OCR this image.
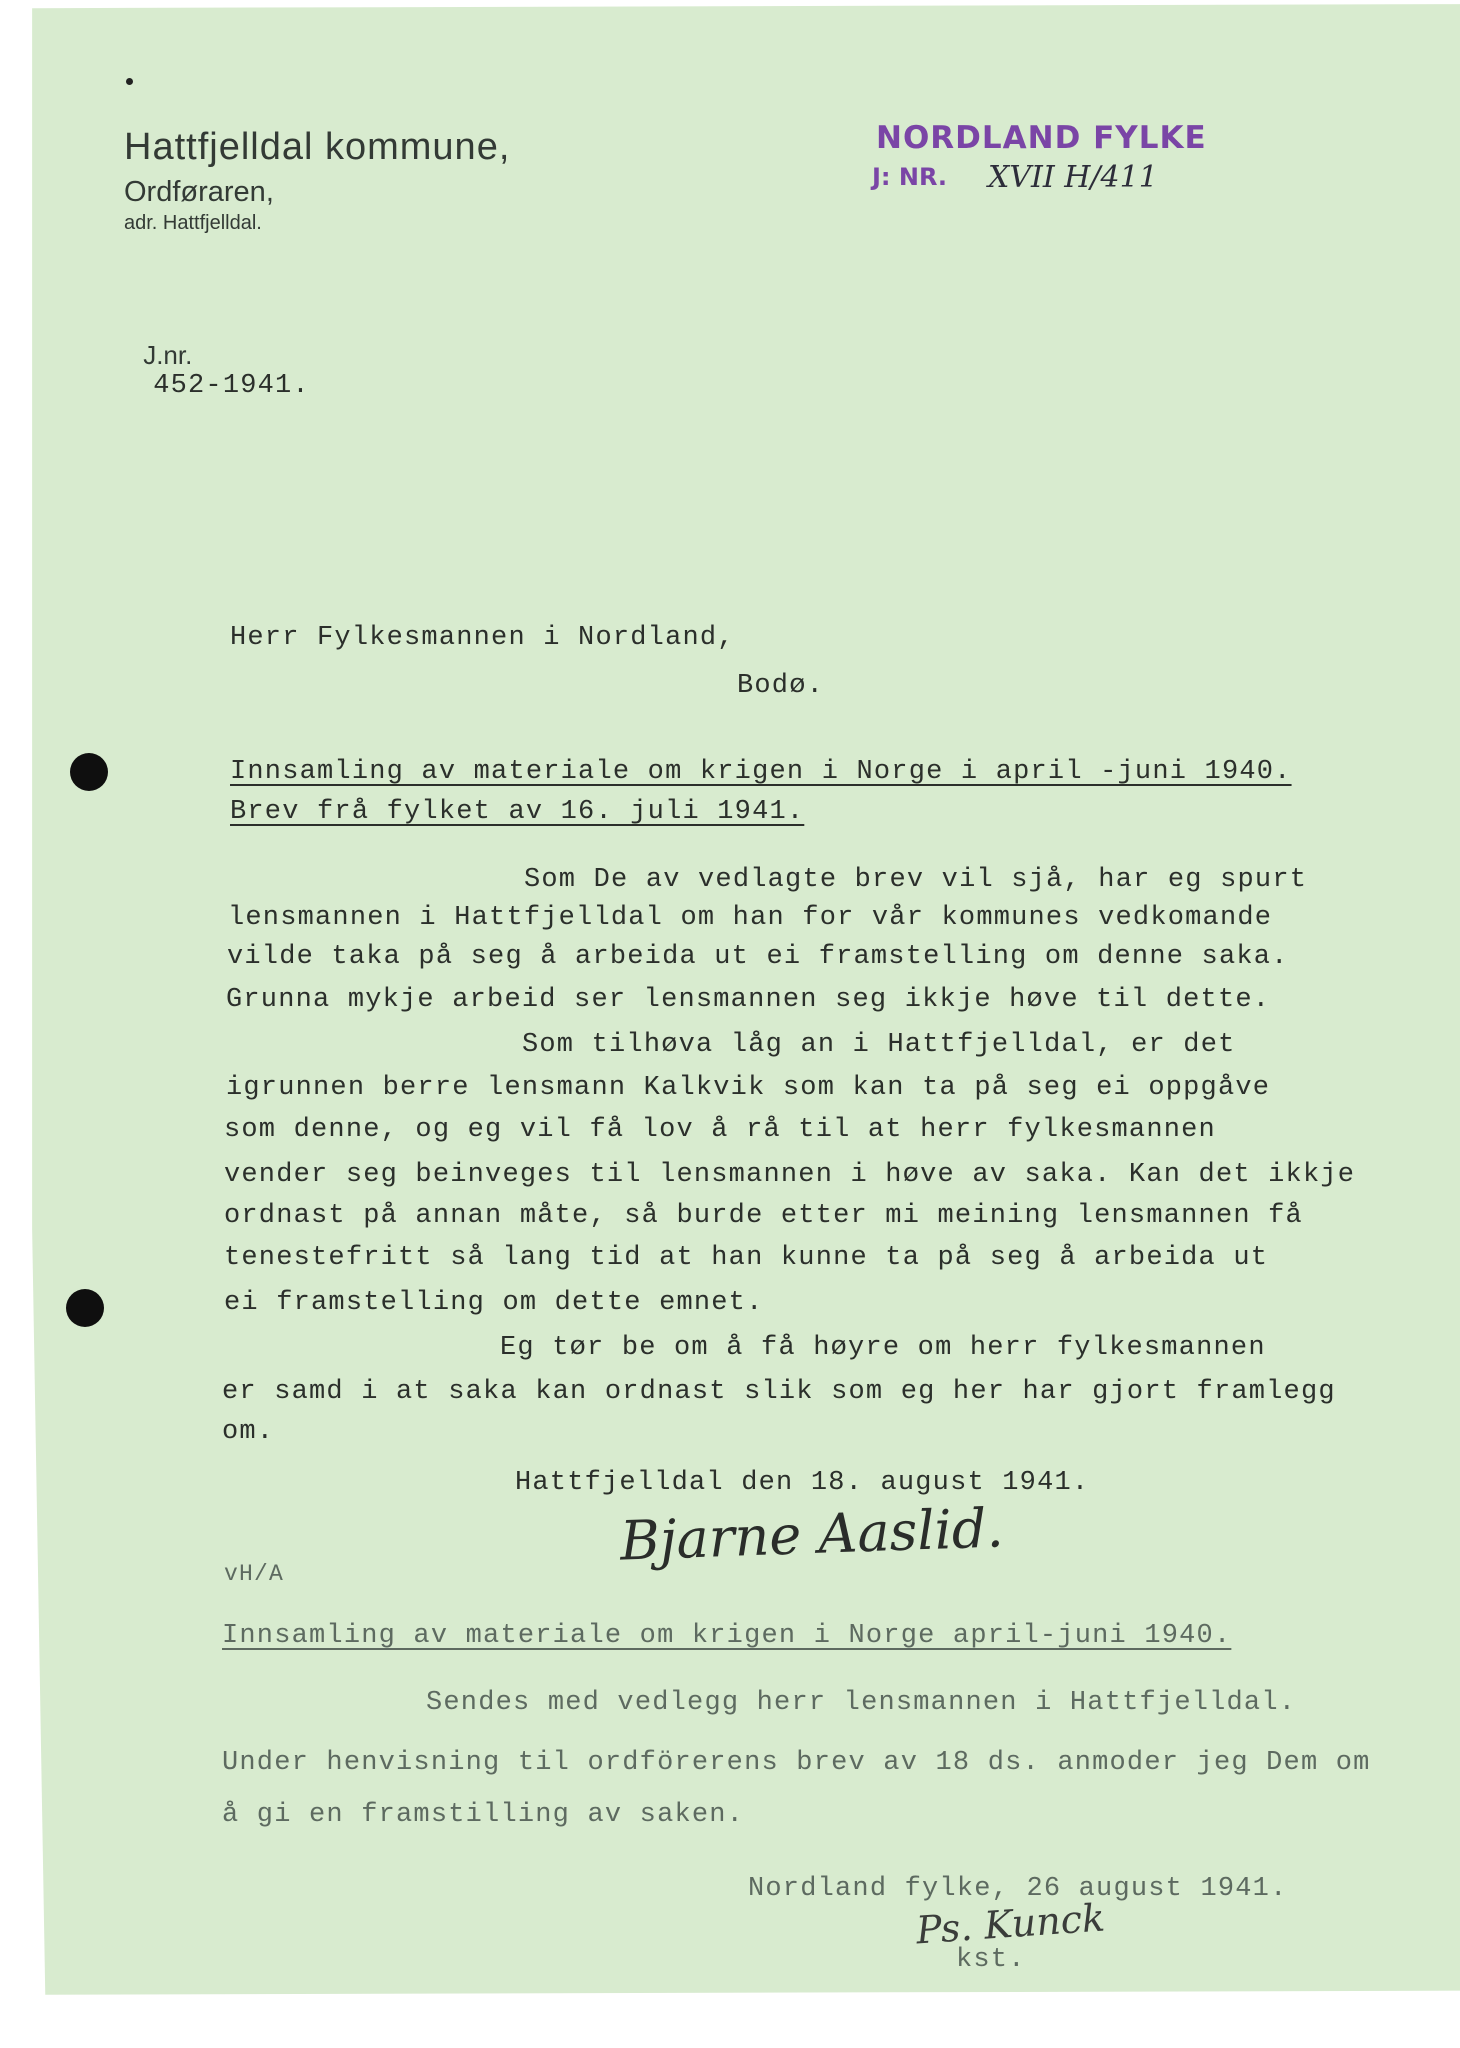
Hattfjelldal kommune,
Ordføraren,
adr. Hattfjelldal.
NORDLAND FYLKE
J: NR. XVII H/411

J.nr.
452-1941.

Herr Fylkesmannen i Nordland,
Bodø.
Innsamling av materiale om krigen i Norge i april -juni 1940.
Brev frå fylket av 16. juli 1941.
Som De av vedlagte brev vil sjå, har eg spurt
lensmannen i Hattfjelldal om han for vår kommunes vedkomande
vilde taka på seg å arbeida ut ei framstelling om denne saka.
Grunna mykje arbeid ser lensmannen seg ikkje høve til dette.
Som tilhøva låg an i Hattfjelldal, er det
igrunnen berre lensmann Kalkvik som kan ta på seg ei oppgåve
som denne, og eg vil få lov å rå til at herr fylkesmannen
vender seg beinveges til lensmannen i høve av saka. Kan det ikkje
ordnast på annan måte, så burde etter mi meining lensmannen få
tenestefritt så lang tid at han kunne ta på seg å arbeida ut
ei framstelling om dette emnet.
Eg tør be om å få høyre om herr fylkesmannen
er samd i at saka kan ordnast slik som eg her har gjort framlegg
om.
Hattfjelldal den 18. august 1941.
Bjarne Aaslid.
vH/A
Innsamling av materiale om krigen i Norge april-juni 1940.
Sendes med vedlegg herr lensmannen i Hattfjelldal.
Under henvisning til ordförerens brev av 18 ds. anmoder jeg Dem om
å gi en framstilling av saken.
Nordland fylke, 26 august 1941.
Ps. Kunck
kst.
